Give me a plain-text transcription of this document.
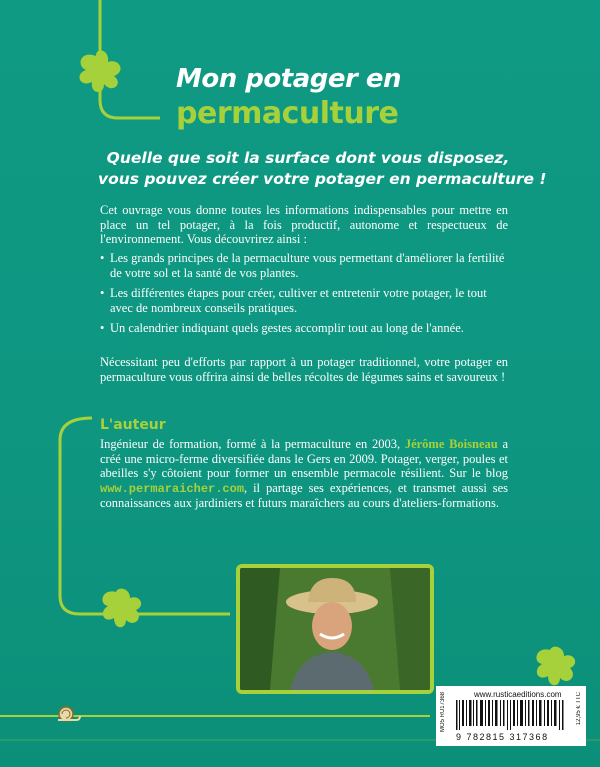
Mon potager en
permaculture
Quelle que soit la surface dont vous disposez,
vous pouvez créer votre potager en permaculture !
Cet ouvrage vous donne toutes les informations indispensables pour mettre en place un tel potager, à la fois productif, autonome et respectueux de l'environnement. Vous découvrirez ainsi :
• Les grands principes de la permaculture vous permettant d'améliorer la fertilité de votre sol et la santé de vos plantes.
• Les différentes étapes pour créer, cultiver et entretenir votre potager, le tout avec de nombreux conseils pratiques.
• Un calendrier indiquant quels gestes accomplir tout au long de l'année.
Nécessitant peu d'efforts par rapport à un potager traditionnel, votre potager en permaculture vous offrira ainsi de belles récoltes de légumes sains et savoureux !
L'auteur
Ingénieur de formation, formé à la permaculture en 2003, Jérôme Boisneau a créé une micro-ferme diversifiée dans le Gers en 2009. Potager, verger, poules et abeilles s'y côtoient pour former un ensemble permacole résilient. Sur le blog www.permaraicher.com, il partage ses expériences, et transmet aussi ses connaissances aux jardiniers et futurs maraîchers au cours d'ateliers-formations.
www.rusticaeditions.com
MO5 RU17368	12,95 € TTC
9 782815 317368
